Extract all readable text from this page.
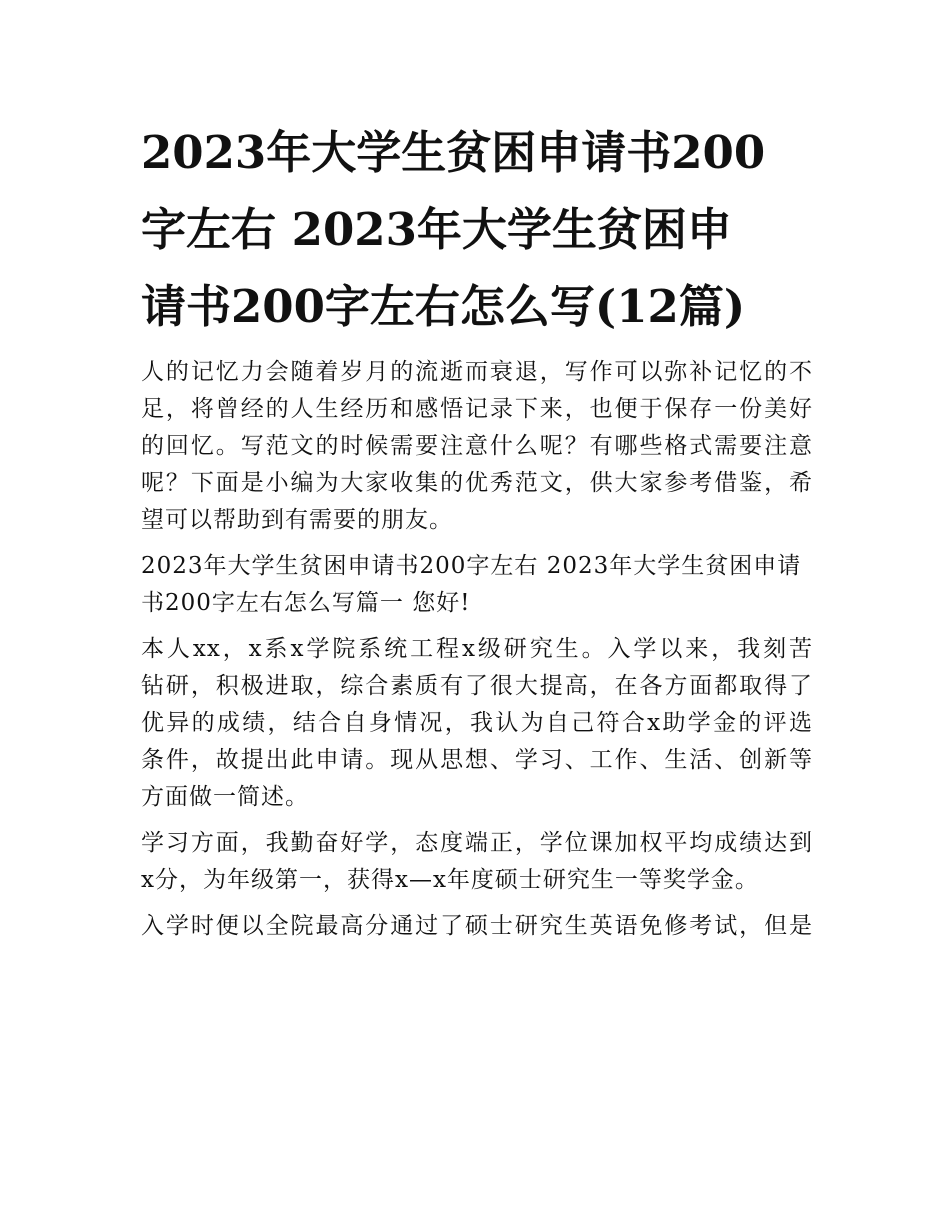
2023年大学生贫困申请书200
字左右 2023年大学生贫困申
请书200字左右怎么写(12篇)

人的记忆力会随着岁月的流逝而衰退，写作可以弥补记忆的不
足，将曾经的人生经历和感悟记录下来，也便于保存一份美好
的回忆。写范文的时候需要注意什么呢？有哪些格式需要注意
呢？下面是小编为大家收集的优秀范文，供大家参考借鉴，希
望可以帮助到有需要的朋友。

2023年大学生贫困申请书200字左右 2023年大学生贫困申请
书200字左右怎么写篇一 您好!

本人xx，x系x学院系统工程x级研究生。入学以来，我刻苦
钻研，积极进取，综合素质有了很大提高，在各方面都取得了
优异的成绩，结合自身情况，我认为自己符合x助学金的评选
条件，故提出此申请。现从思想、学习、工作、生活、创新等
方面做一简述。

学习方面，我勤奋好学，态度端正，学位课加权平均成绩达到
x分，为年级第一，获得x—x年度硕士研究生一等奖学金。

入学时便以全院最高分通过了硕士研究生英语免修考试，但是
